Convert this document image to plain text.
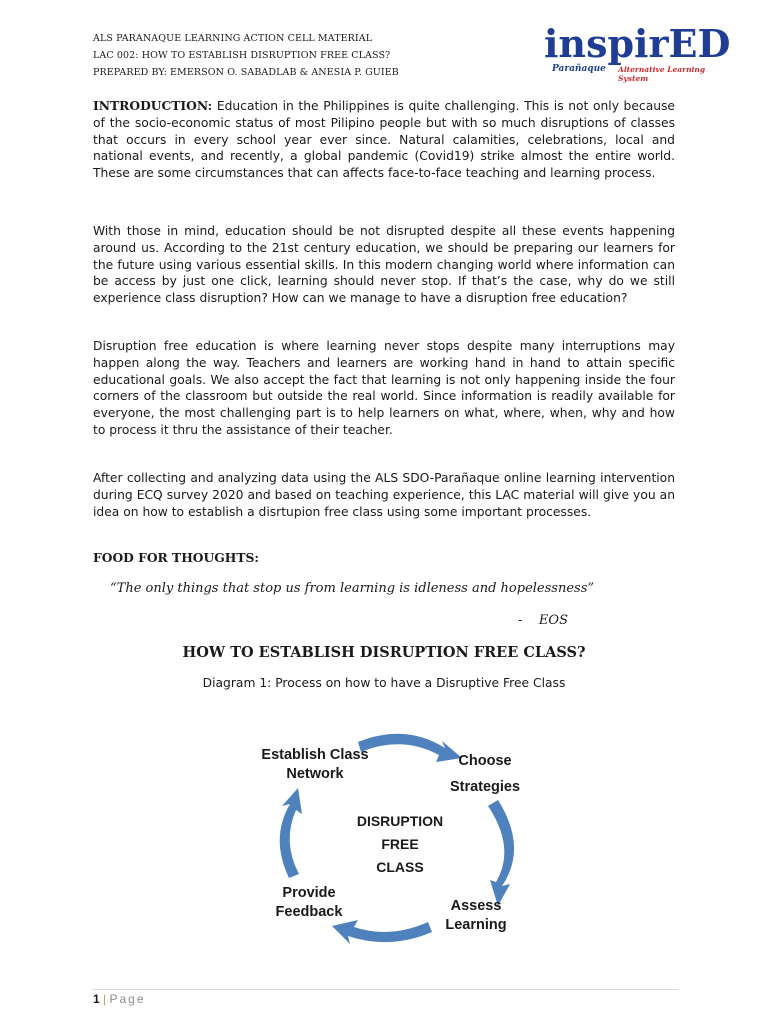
ALS PARANAQUE LEARNING ACTION CELL MATERIAL
LAC 002: HOW TO ESTABLISH DISRUPTION FREE CLASS?
PREPARED BY: EMERSON O. SABADLAB & ANESIA P. GUIEB
inspirED
Parañaque Alternative Learning System
INTRODUCTION: Education in the Philippines is quite challenging. This is not only because of the socio-economic status of most Pilipino people but with so much disruptions of classes that occurs in every school year ever since. Natural calamities, celebrations, local and national events, and recently, a global pandemic (Covid19) strike almost the entire world. These are some circumstances that can affects face-to-face teaching and learning process.
With those in mind, education should be not disrupted despite all these events happening around us. According to the 21st century education, we should be preparing our learners for the future using various essential skills. In this modern changing world where information can be access by just one click, learning should never stop. If that’s the case, why do we still experience class disruption? How can we manage to have a disruption free education?
Disruption free education is where learning never stops despite many interruptions may happen along the way. Teachers and learners are working hand in hand to attain specific educational goals. We also accept the fact that learning is not only happening inside the four corners of the classroom but outside the real world. Since information is readily available for everyone, the most challenging part is to help learners on what, where, when, why and how to process it thru the assistance of their teacher.
After collecting and analyzing data using the ALS SDO-Parañaque online learning intervention during ECQ survey 2020 and based on teaching experience, this LAC material will give you an idea on how to establish a disrtupion free class using some important processes.
FOOD FOR THOUGHTS:
“The only things that stop us from learning is idleness and hopelessness”
-    EOS
HOW TO ESTABLISH DISRUPTION FREE CLASS?
Diagram 1: Process on how to have a Disruptive Free Class
DISRUPTION
FREE
CLASS
Establish Class
Network
Choose
Strategies
Assess
Learning
Provide
Feedback
1 | Page
